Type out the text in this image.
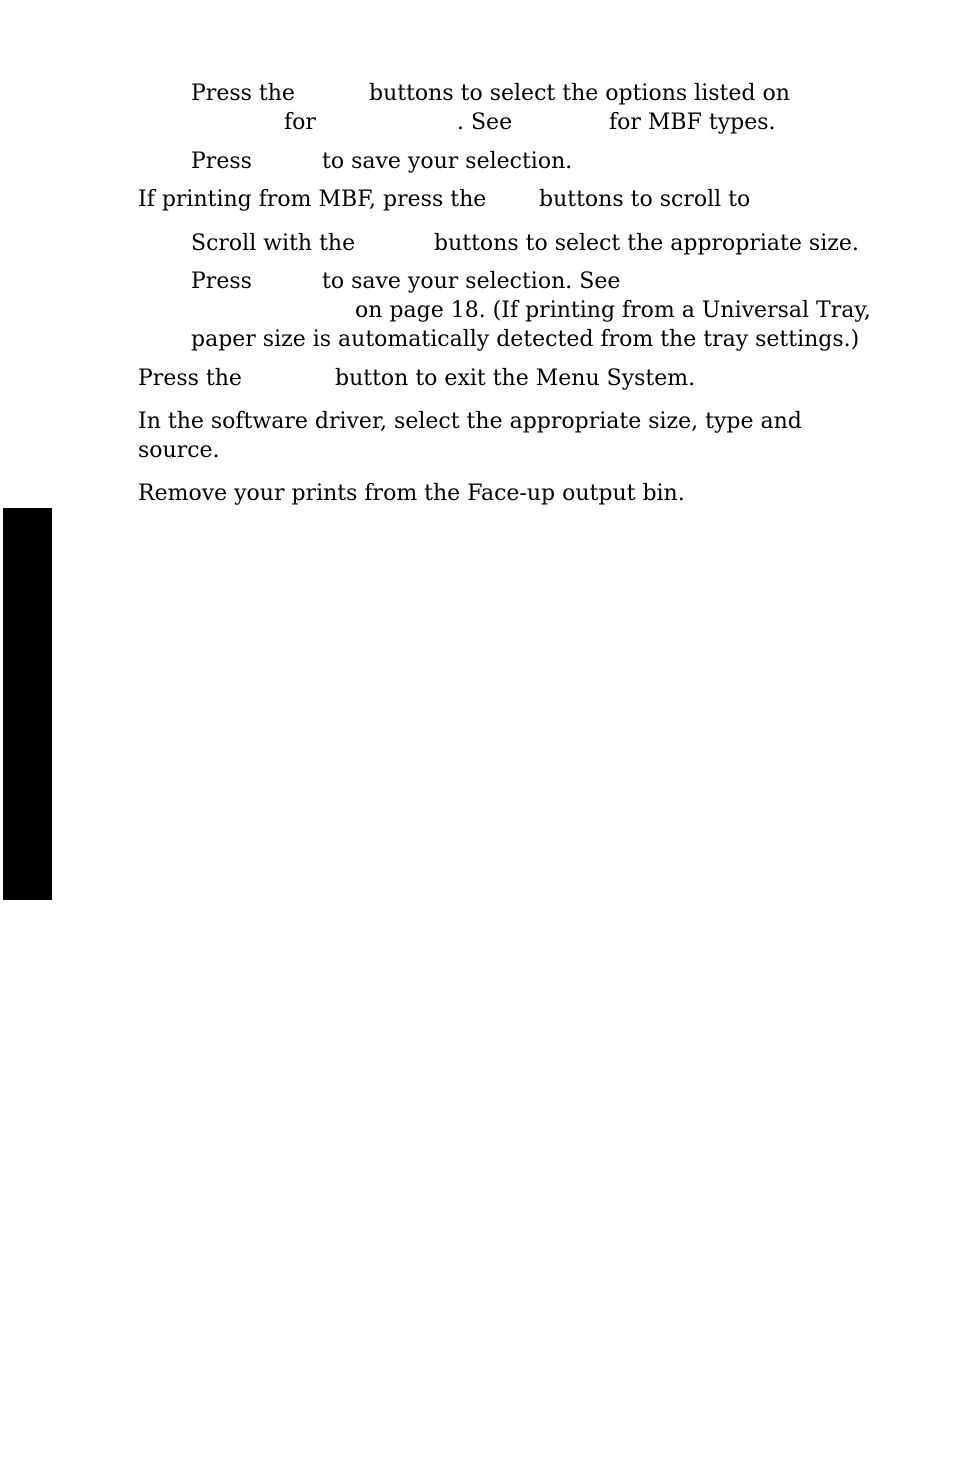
Press the	buttons to select the options listed on
for	. See	for MBF types.
Press	to save your selection.
If printing from MBF, press the buttons to scroll to
Scroll with the	buttons to select the appropriate size.
Press	to save your selection. See
on page 18. (If printing from a Universal Tray,
paper size is automatically detected from the tray settings.)
Press the	button to exit the Menu System.
In the software driver, select the appropriate size, type and
source.
Remove your prints from the Face-up output bin.
